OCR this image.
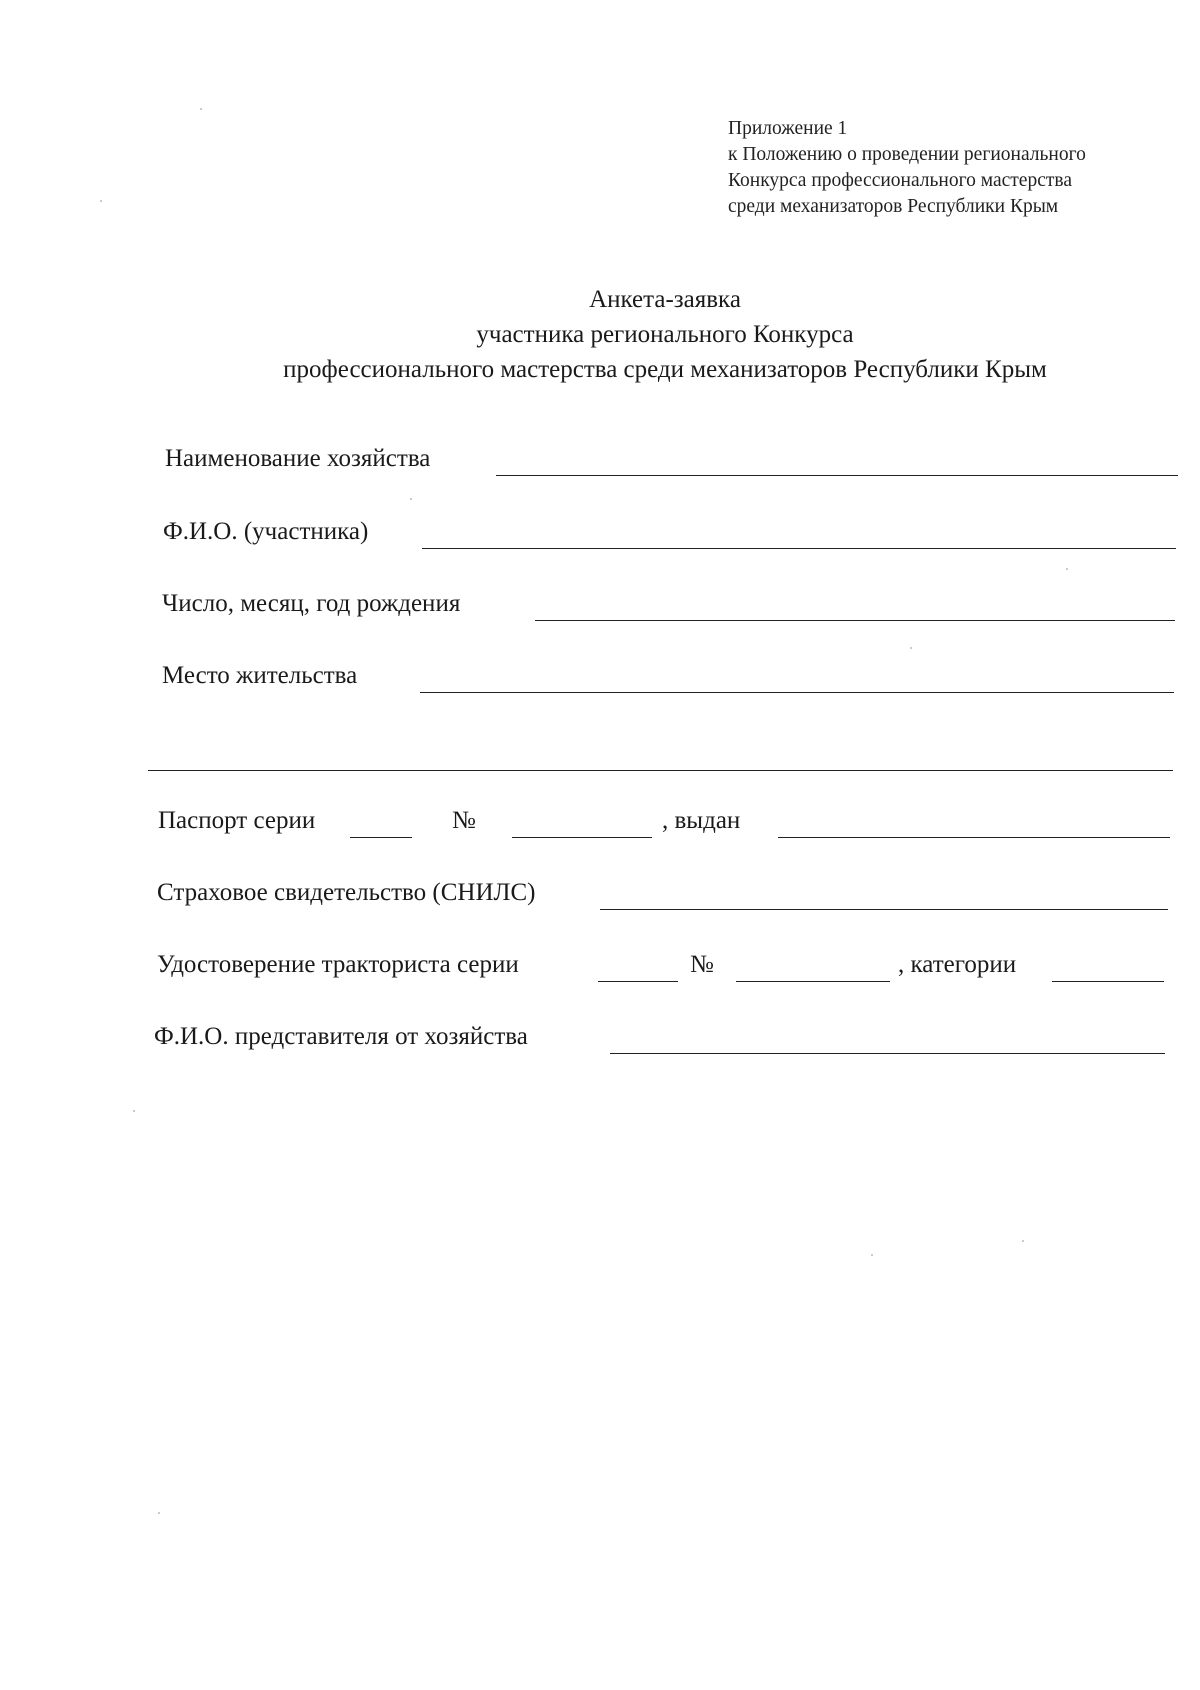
Приложение 1
к Положению о проведении регионального
Конкурса профессионального мастерства
среди механизаторов Республики Крым
Анкета-заявка
участника регионального Конкурса
профессионального мастерства среди механизаторов Республики Крым
Наименование хозяйства
Ф.И.О. (участника)
Число, месяц, год рождения
Место жительства
Паспорт серии	№	, выдан
Страховое свидетельство (СНИЛС)
Удостоверение тракториста серии	№	, категории
Ф.И.О. представителя от хозяйства
